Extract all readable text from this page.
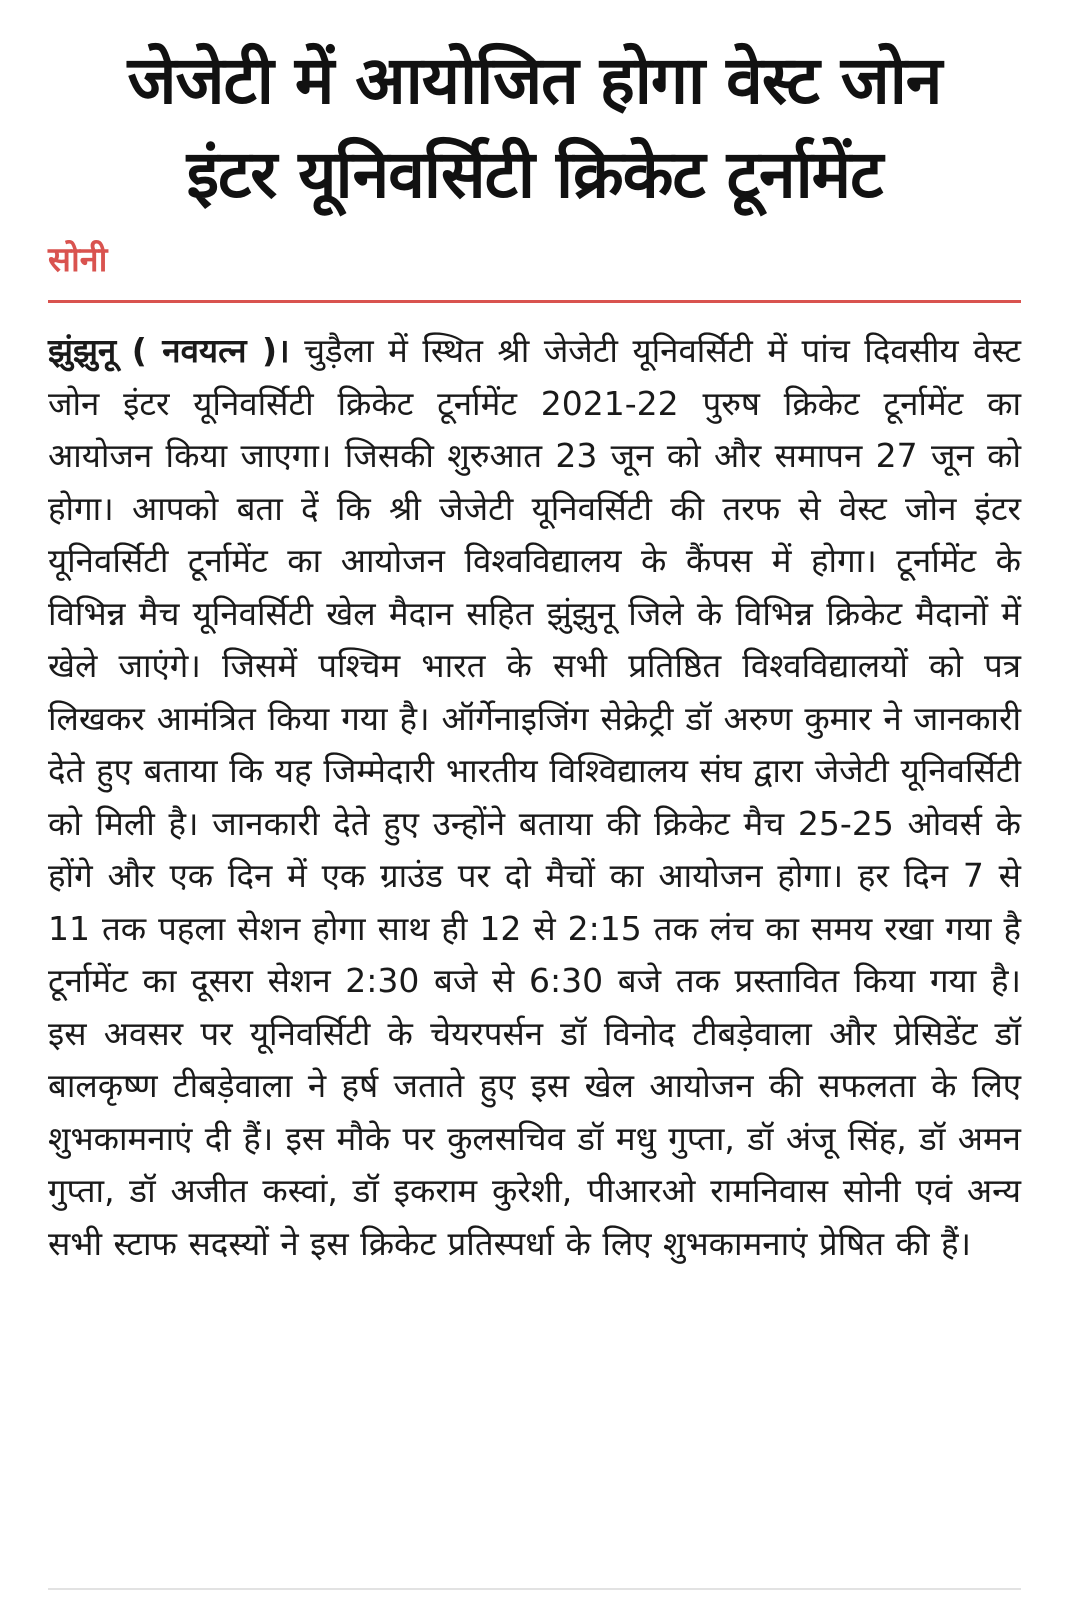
जेजेटी में आयोजित होगा वेस्ट जोन
इंटर यूनिवर्सिटी क्रिकेट टूर्नामेंट
सोनी

झुंझुनू ( नवयत्न )। चुड़ैला में स्थित श्री जेजेटी यूनिवर्सिटी में पांच दिवसीय वेस्ट जोन इंटर यूनिवर्सिटी क्रिकेट टूर्नामेंट 2021-22 पुरुष क्रिकेट टूर्नामेंट का आयोजन किया जाएगा। जिसकी शुरुआत 23 जून को और समापन 27 जून को होगा। आपको बता दें कि श्री जेजेटी यूनिवर्सिटी की तरफ से वेस्ट जोन इंटर यूनिवर्सिटी टूर्नामेंट का आयोजन विश्वविद्यालय के कैंपस में होगा। टूर्नामेंट के विभिन्न मैच यूनिवर्सिटी खेल मैदान सहित झुंझुनू जिले के विभिन्न क्रिकेट मैदानों में खेले जाएंगे। जिसमें पश्चिम भारत के सभी प्रतिष्ठित विश्वविद्यालयों को पत्र लिखकर आमंत्रित किया गया है। ऑर्गेनाइजिंग सेक्रेट्री डॉ अरुण कुमार ने जानकारी देते हुए बताया कि यह जिम्मेदारी भारतीय विश्विद्यालय संघ द्वारा जेजेटी यूनिवर्सिटी को मिली है। जानकारी देते हुए उन्होंने बताया की क्रिकेट मैच 25-25 ओवर्स के होंगे और एक दिन में एक ग्राउंड पर दो मैचों का आयोजन होगा। हर दिन 7 से 11 तक पहला सेशन होगा साथ ही 12 से 2:15 तक लंच का समय रखा गया है टूर्नामेंट का दूसरा सेशन 2:30 बजे से 6:30 बजे तक प्रस्तावित किया गया है। इस अवसर पर यूनिवर्सिटी के चेयरपर्सन डॉ विनोद टीबड़ेवाला और प्रेसिडेंट डॉ बालकृष्ण टीबड़ेवाला ने हर्ष जताते हुए इस खेल आयोजन की सफलता के लिए शुभकामनाएं दी हैं। इस मौके पर कुलसचिव डॉ मधु गुप्ता, डॉ अंजू सिंह, डॉ अमन गुप्ता, डॉ अजीत कस्वां, डॉ इकराम कुरेशी, पीआरओ रामनिवास सोनी एवं अन्य सभी स्टाफ सदस्यों ने इस क्रिकेट प्रतिस्पर्धा के लिए शुभकामनाएं प्रेषित की हैं।
